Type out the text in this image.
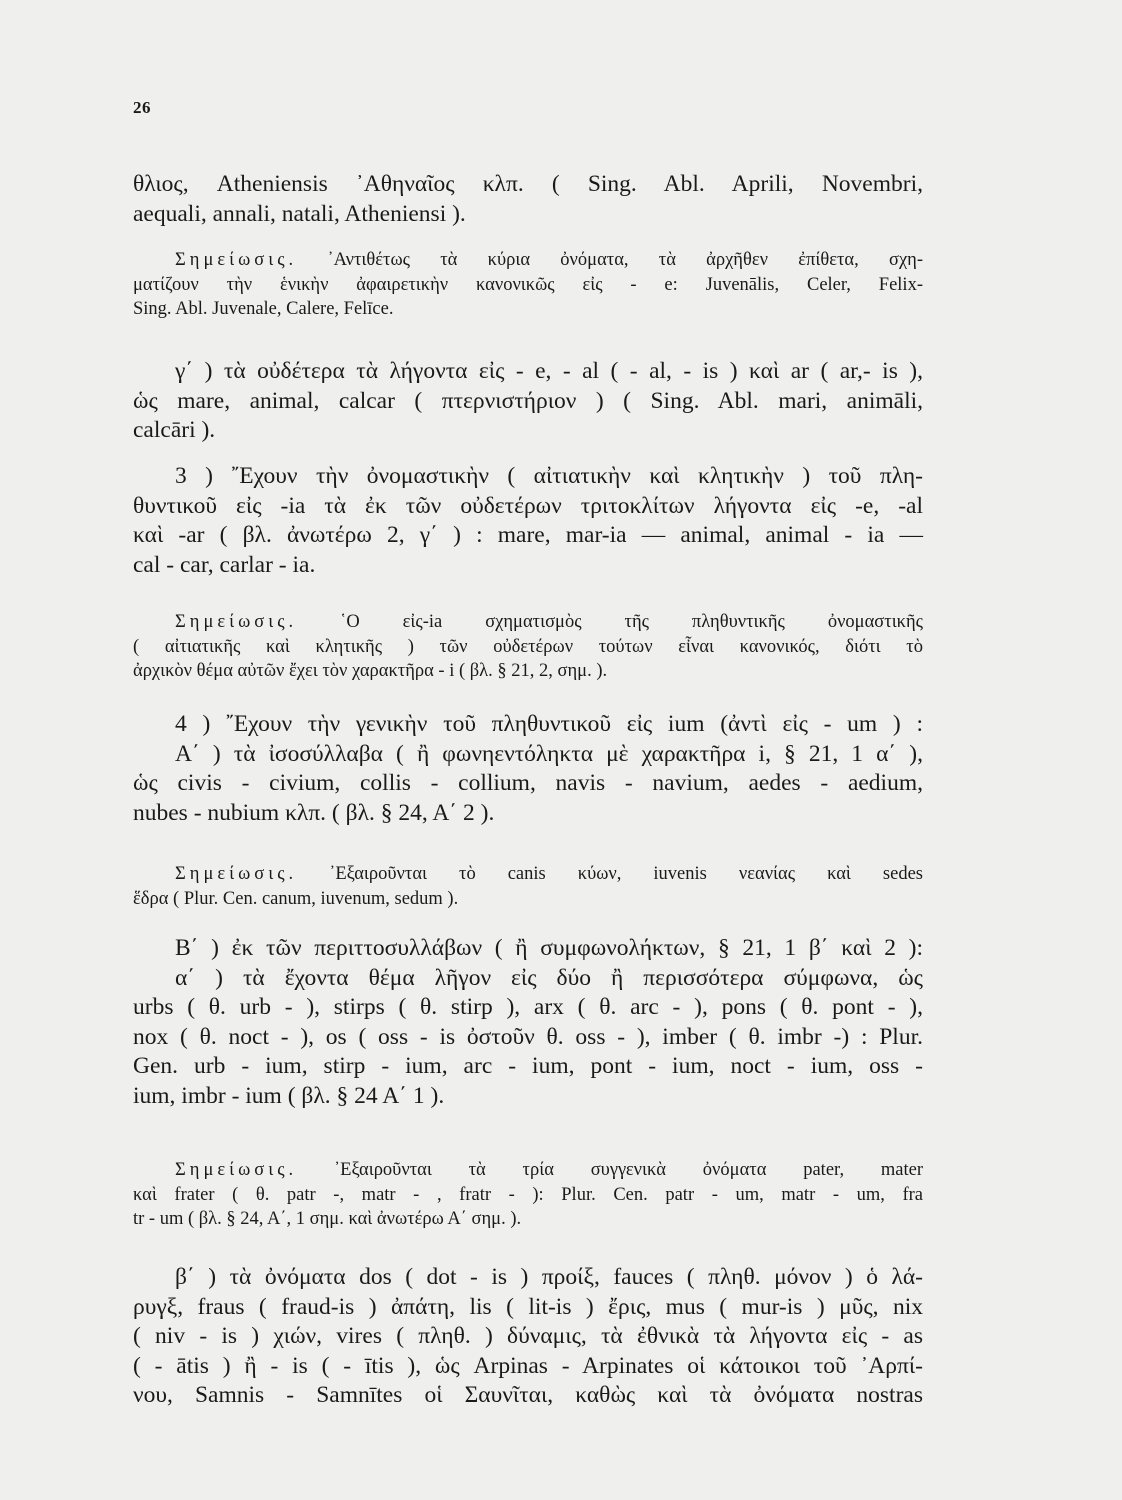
26
θλιος, Atheniensis ᾿Αθηναῖος κλπ. ( Sing. Abl. Aprili, Novembri,
aequali, annali, natali, Atheniensi ).
Σημείωσις. ᾿Αντιθέτως τὰ κύρια ὀνόματα, τὰ ἀρχῆθεν ἐπίθετα, σχη-
ματίζουν τὴν ἑνικὴν ἀφαιρετικὴν κανονικῶς εἰς - e: Juvenālis, Celer, Felix-
Sing. Abl. Juvenale, Calere, Felīce.
γ΄ ) τὰ οὐδέτερα τὰ λήγοντα εἰς - e, - al ( - al, - is ) καὶ ar ( ar,- is ),
ὡς mare, animal, calcar ( πτερνιστήριον ) ( Sing. Abl. mari, animāli,
calcāri ).
3 ) ῎Εχουν τὴν ὀνομαστικὴν ( αἰτιατικὴν καὶ κλητικὴν ) τοῦ πλη-
θυντικοῦ εἰς -ia τὰ ἐκ τῶν οὐδετέρων τριτοκλίτων λήγοντα εἰς -e, -al
καὶ -ar ( βλ. ἀνωτέρω 2, γ΄ ) : mare, mar-ia — animal, animal - ia —
cal - car, carlar - ia.
Σημείωσις. ῾Ο εἰς-ia σχηματισμὸς τῆς πληθυντικῆς ὀνομαστικῆς
( αἰτιατικῆς καὶ κλητικῆς ) τῶν οὐδετέρων τούτων εἶναι κανονικός, διότι τὸ
ἀρχικὸν θέμα αὐτῶν ἔχει τὸν χαρακτῆρα - i ( βλ. § 21, 2, σημ. ).
4 ) ῎Εχουν τὴν γενικὴν τοῦ πληθυντικοῦ εἰς ium (ἀντὶ εἰς - um ) :
Α΄ ) τὰ ἰσοσύλλαβα ( ἢ φωνηεντόληκτα μὲ χαρακτῆρα i, § 21, 1 α΄ ),
ὡς civis - civium, collis - collium, navis - navium, aedes - aedium,
nubes - nubium κλπ. ( βλ. § 24, Α΄ 2 ).
Σημείωσις. ᾿Εξαιροῦνται τὸ canis κύων, iuvenis νεανίας καὶ sedes
ἕδρα ( Plur. Cen. canum, iuvenum, sedum ).
Β΄ ) ἐκ τῶν περιττοσυλλάβων ( ἢ συμφωνολήκτων, § 21, 1 β΄ καὶ 2 ):
α΄ ) τὰ ἔχοντα θέμα λῆγον εἰς δύο ἢ περισσότερα σύμφωνα, ὡς
urbs ( θ. urb - ), stirps ( θ. stirp ), arx ( θ. arc - ), pons ( θ. pont - ),
nox ( θ. noct - ), os ( oss - is ὀστοῦν θ. oss - ), imber ( θ. imbr -) : Plur.
Gen. urb - ium, stirp - ium, arc - ium, pont - ium, noct - ium, oss -
ium, imbr - ium ( βλ. § 24 Α΄ 1 ).
Σημείωσις. ᾿Εξαιροῦνται τὰ τρία συγγενικὰ ὀνόματα pater, mater
καὶ frater ( θ. patr -, matr - , fratr - ): Plur. Cen. patr - um, matr - um, fra
tr - um ( βλ. § 24, Α΄, 1 σημ. καὶ ἀνωτέρω Α΄ σημ. ).
β΄ ) τὰ ὀνόματα dos ( dot - is ) προίξ, fauces ( πληθ. μόνον ) ὁ λά-
ρυγξ, fraus ( fraud-is ) ἀπάτη, lis ( lit-is ) ἔρις, mus ( mur-is ) μῦς, nix
( niv - is ) χιών, vires ( πληθ. ) δύναμις, τὰ ἐθνικὰ τὰ λήγοντα εἰς - as
( - ātis ) ἢ - is ( - ītis ), ὡς Arpinas - Arpinates οἱ κάτοικοι τοῦ ᾿Αρπί-
νου, Samnis - Samnītes οἱ Σαυνῖται, καθὼς καὶ τὰ ὀνόματα nostras
